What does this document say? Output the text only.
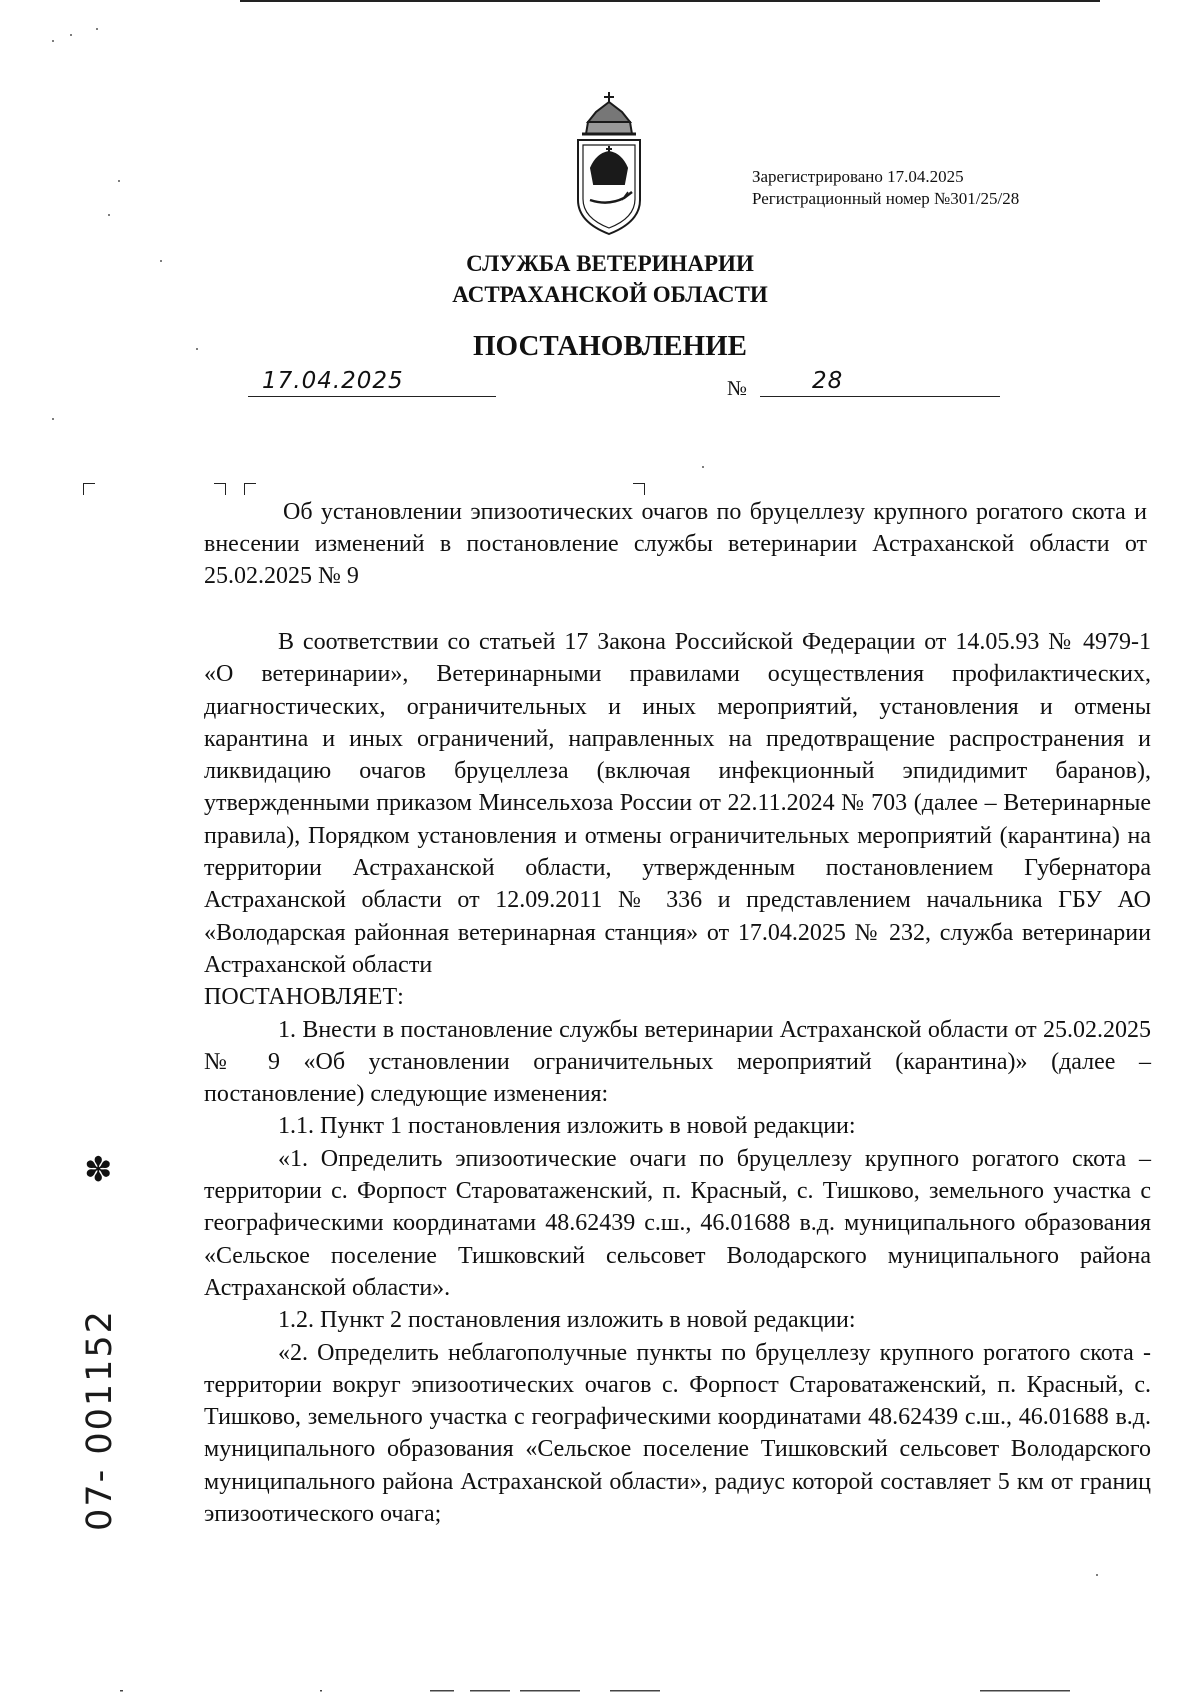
Зарегистрировано 17.04.2025
Регистрационный номер №301/25/28
СЛУЖБА ВЕТЕРИНАРИИ
АСТРАХАНСКОЙ ОБЛАСТИ
ПОСТАНОВЛЕНИЕ
17.04.2025	№	28
Об установлении эпизоотических очагов по бруцеллезу крупного рогатого скота и внесении изменений в постановление службы ветеринарии Астраханской области от 25.02.2025 № 9

В соответствии со статьей 17 Закона Российской Федерации от 14.05.93 № 4979-1 «О ветеринарии», Ветеринарными правилами осуществления профилактических, диагностических, ограничительных и иных мероприятий, установления и отмены карантина и иных ограничений, направленных на предотвращение распространения и ликвидацию очагов бруцеллеза (включая инфекционный эпидидимит баранов), утвержденными приказом Минсельхоза России от 22.11.2024 № 703 (далее – Ветеринарные правила), Порядком установления и отмены ограничительных мероприятий (карантина) на территории Астраханской области, утвержденным постановлением Губернатора Астраханской области от 12.09.2011 № 336 и представлением начальника ГБУ АО «Володарская районная ветеринарная станция» от 17.04.2025 № 232, служба ветеринарии Астраханской области

ПОСТАНОВЛЯЕТ:

1. Внести в постановление службы ветеринарии Астраханской области от 25.02.2025 № 9 «Об установлении ограничительных мероприятий (карантина)» (далее – постановление) следующие изменения:

1.1. Пункт 1 постановления изложить в новой редакции:

«1. Определить эпизоотические очаги по бруцеллезу крупного рогатого скота – территории с. Форпост Староватаженский, п. Красный, с. Тишково, земельного участка с географическими координатами 48.62439 с.ш., 46.01688 в.д. муниципального образования «Сельское поселение Тишковский сельсовет Володарского муниципального района Астраханской области».

1.2. Пункт 2 постановления изложить в новой редакции:

«2. Определить неблагополучные пункты по бруцеллезу крупного рогатого скота - территории вокруг эпизоотических очагов с. Форпост Староватаженский, п. Красный, с. Тишково, земельного участка с географическими координатами 48.62439 с.ш., 46.01688 в.д. муниципального образования «Сельское поселение Тишковский сельсовет Володарского муниципального района Астраханской области», радиус которой составляет 5 км от границ эпизоотического очага;

✽
07- 001152
